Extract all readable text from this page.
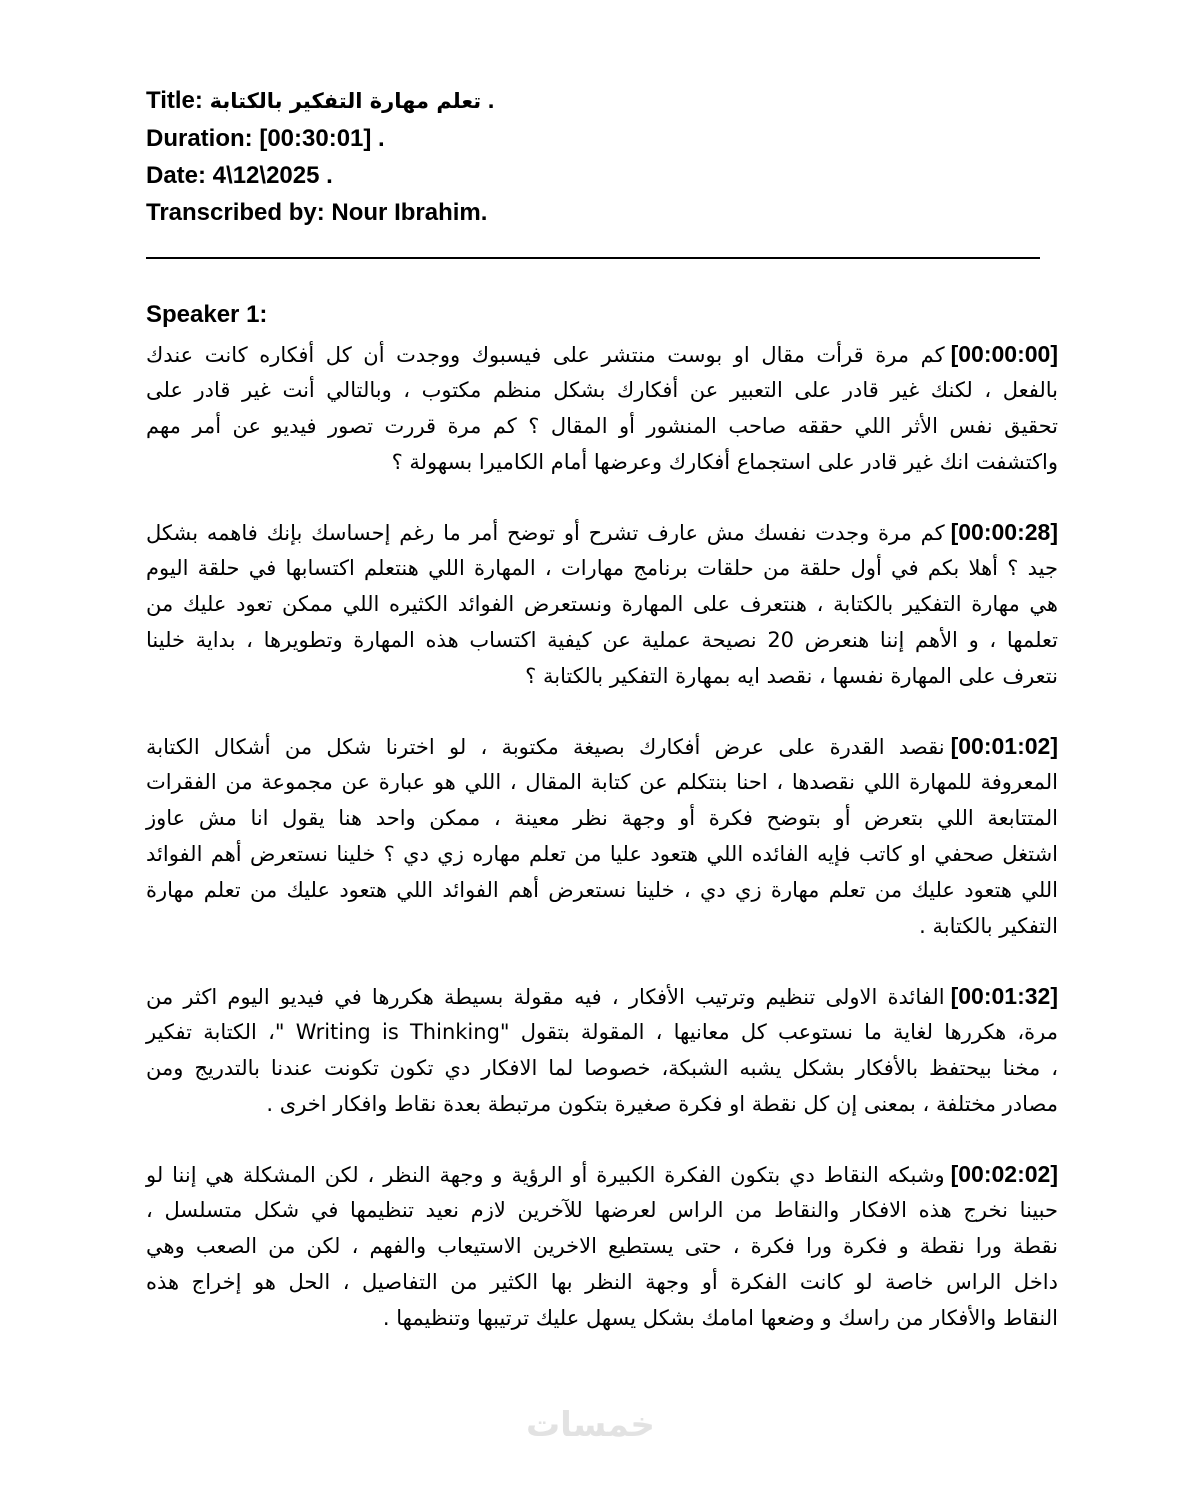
Title: تعلم مهارة التفكير بالكتابة .
Duration: [00:30:01] .
Date: 4\12\2025 .
Transcribed by: Nour Ibrahim.
Speaker 1:
[00:00:00]كم مرة قرأت مقال او بوست منتشر على فيسبوك ووجدت أن كل أفكاره كانت عندك
بالفعل ، لكنك غير قادر على التعبير عن أفكارك بشكل منظم مكتوب ، وبالتالي أنت غير قادر على
تحقيق نفس الأثر اللي حققه صاحب المنشور أو المقال ؟ كم مرة قررت تصور فيديو عن أمر مهم
واكتشفت انك غير قادر على استجماع أفكارك وعرضها أمام الكاميرا بسهولة ؟
[00:00:28]كم مرة وجدت نفسك مش عارف تشرح أو توضح أمر ما رغم إحساسك بإنك فاهمه بشكل
جيد ؟ أهلا بكم في أول حلقة من حلقات برنامج مهارات ، المهارة اللي هنتعلم اكتسابها في حلقة اليوم
هي مهارة التفكير بالكتابة ، هنتعرف على المهارة ونستعرض الفوائد الكثيره اللي ممكن تعود عليك من
تعلمها ، و الأهم إننا هنعرض 20 نصيحة عملية عن كيفية اكتساب هذه المهارة وتطويرها ، بداية خلينا
نتعرف على المهارة نفسها ، نقصد ايه بمهارة التفكير بالكتابة ؟
[00:01:02]نقصد القدرة على عرض أفكارك بصيغة مكتوبة ، لو اخترنا شكل من أشكال الكتابة
المعروفة للمهارة اللي نقصدها ، احنا بنتكلم عن كتابة المقال ، اللي هو عبارة عن مجموعة من الفقرات
المتتابعة اللي بتعرض أو بتوضح فكرة أو وجهة نظر معينة ، ممكن واحد هنا يقول انا مش عاوز
اشتغل صحفي او كاتب فإيه الفائده اللي هتعود عليا من تعلم مهاره زي دي ؟ خلينا نستعرض أهم الفوائد
اللي هتعود عليك من تعلم مهارة زي دي ، خلينا نستعرض أهم الفوائد اللي هتعود عليك من تعلم مهارة
التفكير بالكتابة .
[00:01:32]الفائدة الاولى تنظيم وترتيب الأفكار ، فيه مقولة بسيطة هكررها في فيديو اليوم اكثر من
مرة، هكررها لغاية ما نستوعب كل معانيها ، المقولة بتقول "Writing is Thinking "، الكتابة تفكير
، مخنا بيحتفظ بالأفكار بشكل يشبه الشبكة، خصوصا لما الافكار دي تكون تكونت عندنا بالتدريج ومن
مصادر مختلفة ، بمعنى إن كل نقطة او فكرة صغيرة بتكون مرتبطة بعدة نقاط وافكار اخرى .
[00:02:02]وشبكه النقاط دي بتكون الفكرة الكبيرة أو الرؤية و وجهة النظر ، لكن المشكلة هي إننا لو
حبينا نخرج هذه الافكار والنقاط من الراس لعرضها للآخرين لازم نعيد تنظيمها في شكل متسلسل ،
نقطة ورا نقطة و فكرة ورا فكرة ، حتى يستطيع الاخرين الاستيعاب والفهم ، لكن من الصعب وهي
داخل الراس خاصة لو كانت الفكرة أو وجهة النظر بها الكثير من التفاصيل ، الحل هو إخراج هذه
النقاط والأفكار من راسك و وضعها امامك بشكل يسهل عليك ترتيبها وتنظيمها .
خمسات
